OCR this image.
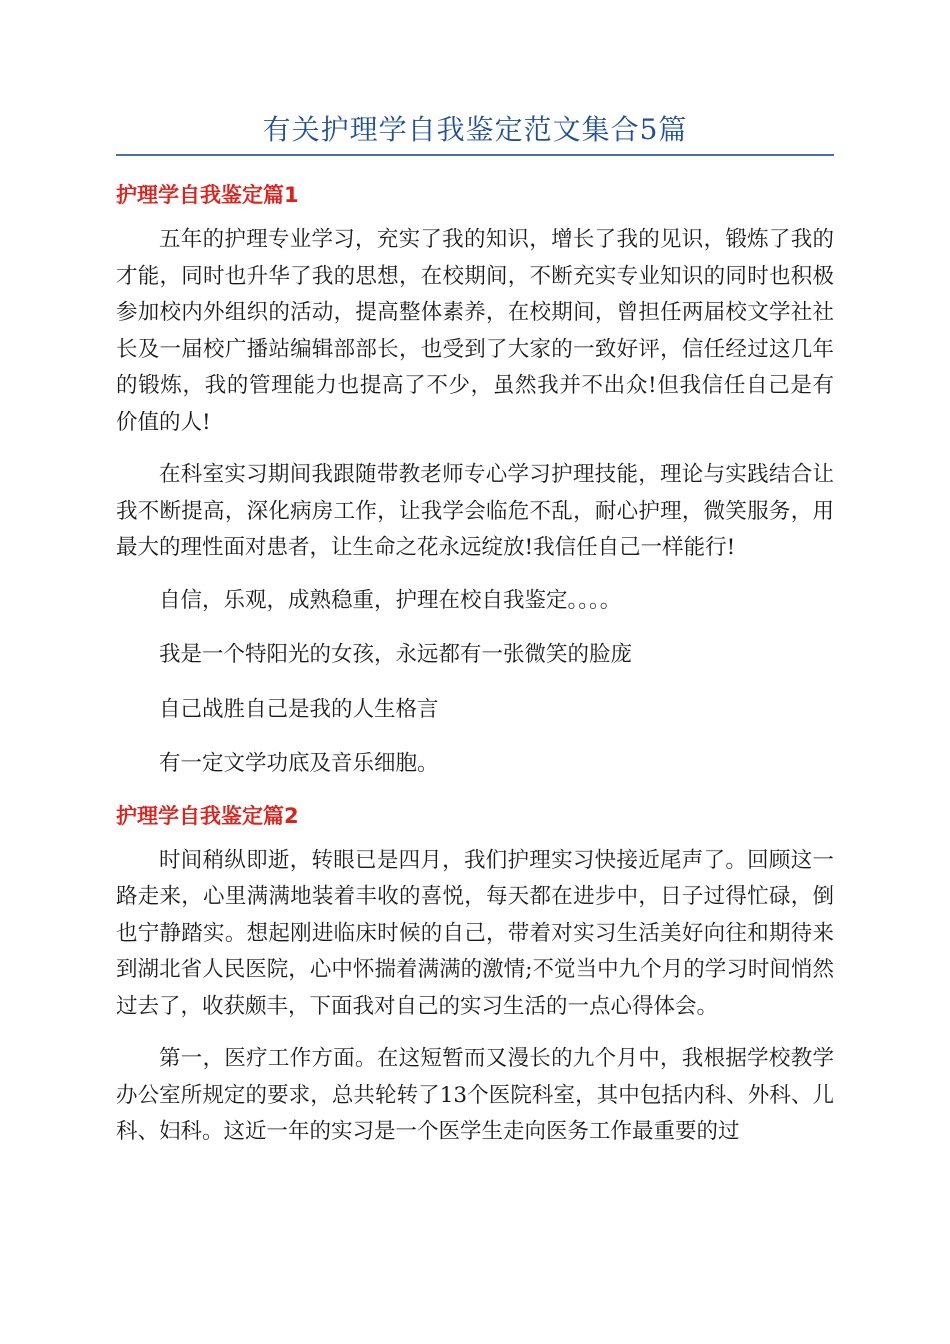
有关护理学自我鉴定范文集合5篇
护理学自我鉴定篇1

五年的护理专业学习，充实了我的知识，增长了我的见识，锻炼了我的才能，同时也升华了我的思想，在校期间，不断充实专业知识的同时也积极参加校内外组织的活动，提高整体素养，在校期间，曾担任两届校文学社社长及一届校广播站编辑部部长，也受到了大家的一致好评，信任经过这几年的锻炼，我的管理能力也提高了不少，虽然我并不出众!但我信任自己是有价值的人!

在科室实习期间我跟随带教老师专心学习护理技能，理论与实践结合让我不断提高，深化病房工作，让我学会临危不乱，耐心护理，微笑服务，用最大的理性面对患者，让生命之花永远绽放!我信任自己一样能行!

自信，乐观，成熟稳重，护理在校自我鉴定。。。。

我是一个特阳光的女孩，永远都有一张微笑的脸庞

自己战胜自己是我的人生格言

有一定文学功底及音乐细胞。

护理学自我鉴定篇2

时间稍纵即逝，转眼已是四月，我们护理实习快接近尾声了。回顾这一路走来，心里满满地装着丰收的喜悦，每天都在进步中，日子过得忙碌，倒也宁静踏实。想起刚进临床时候的自己，带着对实习生活美好向往和期待来到湖北省人民医院，心中怀揣着满满的激情;不觉当中九个月的学习时间悄然过去了，收获颇丰，下面我对自己的实习生活的一点心得体会。

第一，医疗工作方面。在这短暂而又漫长的九个月中，我根据学校教学办公室所规定的要求，总共轮转了13个医院科室，其中包括内科、外科、儿科、妇科。这近一年的实习是一个医学生走向医务工作最重要的过
